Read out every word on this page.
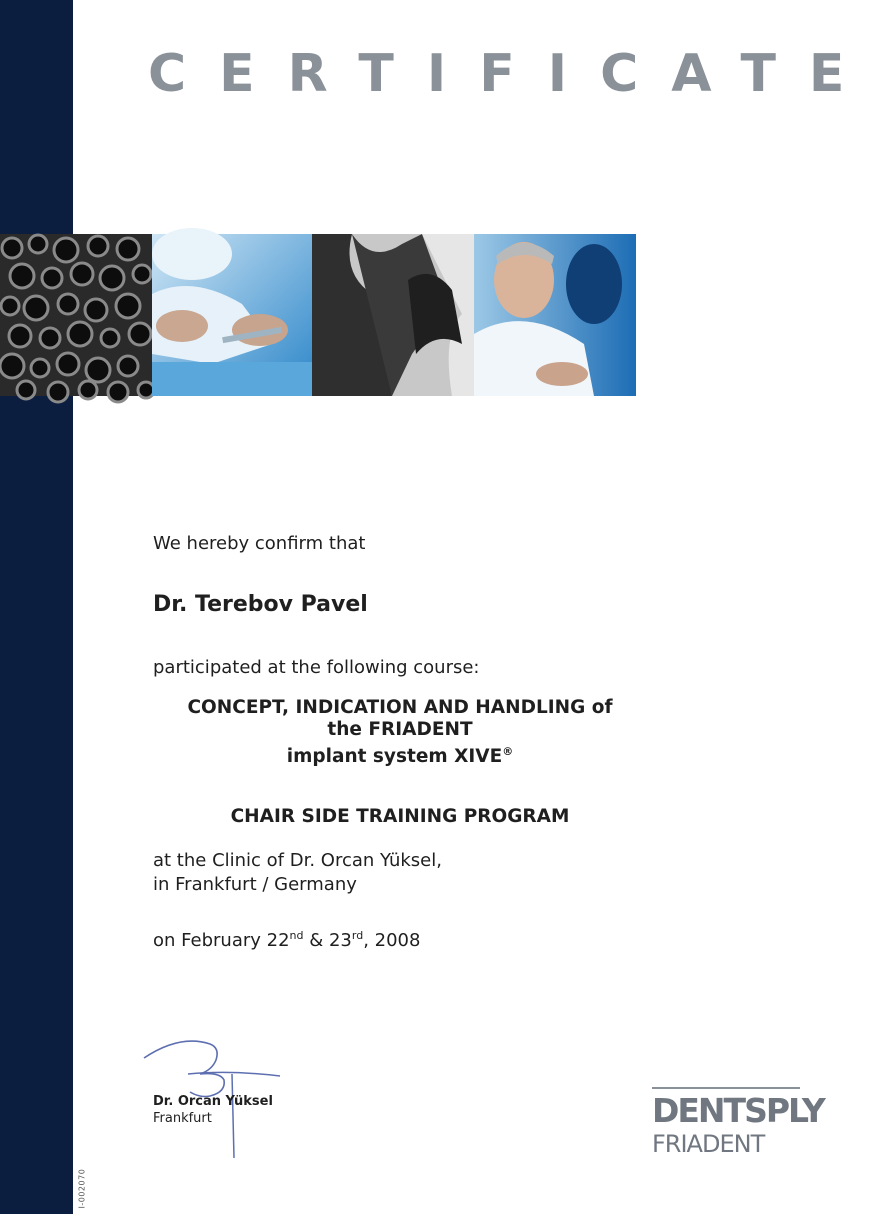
I-002070
CERTIFICATE
We hereby confirm that
Dr. Terebov Pavel
participated at the following course:
CONCEPT, INDICATION AND HANDLING of
the FRIADENT
implant system XIVE®
CHAIR SIDE TRAINING PROGRAM
at the Clinic of Dr. Orcan Yüksel,
in Frankfurt / Germany
on February 22nd & 23rd, 2008
Dr. Orcan Yüksel
Frankfurt	DENTSPLY
FRIADENT
